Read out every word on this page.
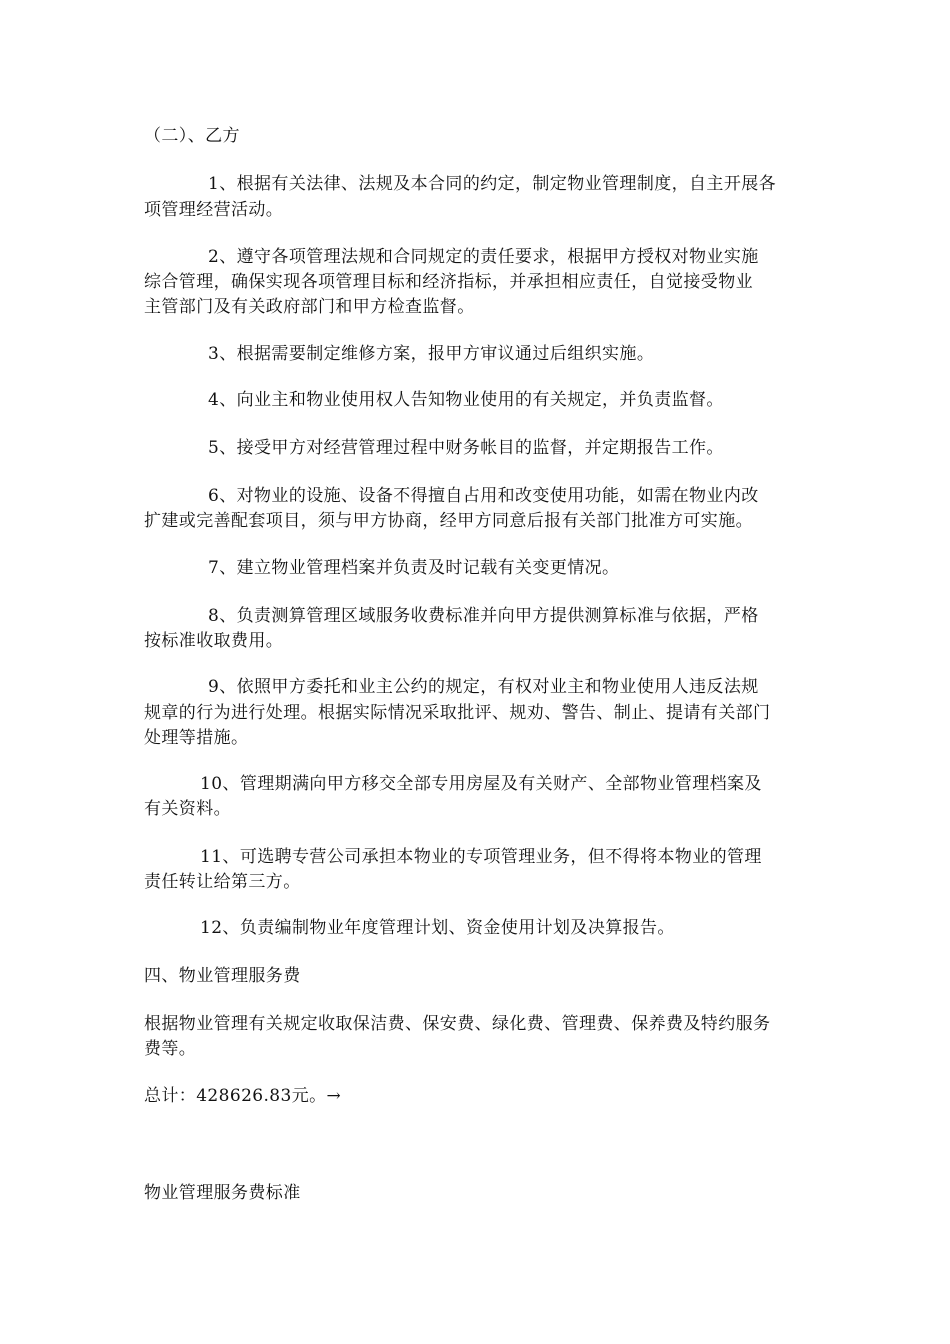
（二）、乙方
1、根据有关法律、法规及本合同的约定，制定物业管理制度，自主开展各
项管理经营活动。
2、遵守各项管理法规和合同规定的责任要求，根据甲方授权对物业实施
综合管理，确保实现各项管理目标和经济指标，并承担相应责任，自觉接受物业
主管部门及有关政府部门和甲方检查监督。
3、根据需要制定维修方案，报甲方审议通过后组织实施。
4、向业主和物业使用权人告知物业使用的有关规定，并负责监督。
5、接受甲方对经营管理过程中财务帐目的监督，并定期报告工作。
6、对物业的设施、设备不得擅自占用和改变使用功能，如需在物业内改
扩建或完善配套项目，须与甲方协商，经甲方同意后报有关部门批准方可实施。
7、建立物业管理档案并负责及时记载有关变更情况。
8、负责测算管理区域服务收费标准并向甲方提供测算标准与依据，严格
按标准收取费用。
9、依照甲方委托和业主公约的规定，有权对业主和物业使用人违反法规
规章的行为进行处理。根据实际情况采取批评、规劝、警告、制止、提请有关部门
处理等措施。
10、管理期满向甲方移交全部专用房屋及有关财产、全部物业管理档案及
有关资料。
11、可选聘专营公司承担本物业的专项管理业务，但不得将本物业的管理
责任转让给第三方。
12、负责编制物业年度管理计划、资金使用计划及决算报告。
四、物业管理服务费
根据物业管理有关规定收取保洁费、保安费、绿化费、管理费、保养费及特约服务
费等。
总计：428626.83元。→
物业管理服务费标准
